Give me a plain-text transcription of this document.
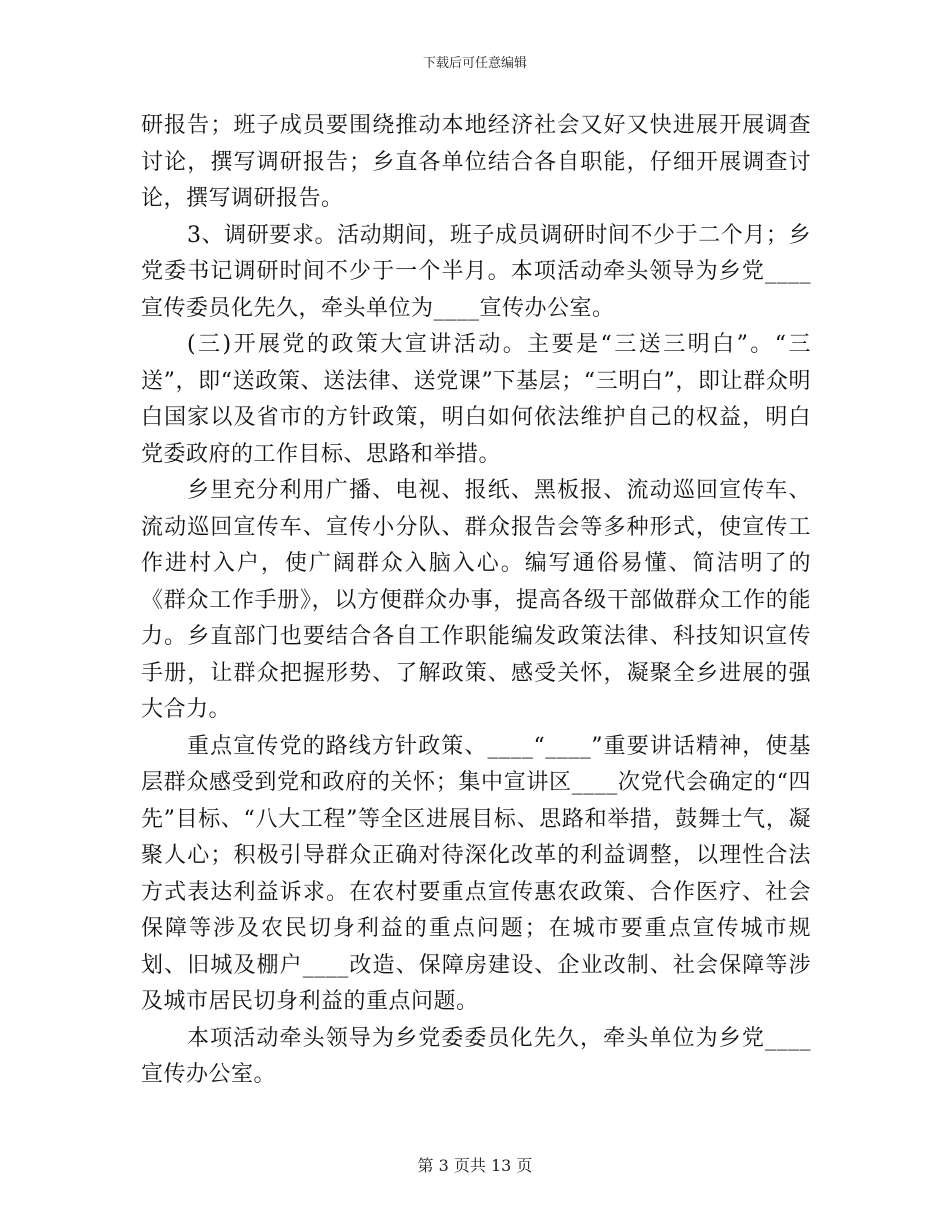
下载后可任意编辑

研报告；班子成员要围绕推动本地经济社会又好又快进展开展调查讨论，撰写调研报告；乡直各单位结合各自职能，仔细开展调查讨论，撰写调研报告。

3、调研要求。活动期间，班子成员调研时间不少于二个月；乡党委书记调研时间不少于一个半月。本项活动牵头领导为乡党____宣传委员化先久，牵头单位为____宣传办公室。

(三)开展党的政策大宣讲活动。主要是“三送三明白”。“三送”，即“送政策、送法律、送党课”下基层；“三明白”，即让群众明白国家以及省市的方针政策，明白如何依法维护自己的权益，明白党委政府的工作目标、思路和举措。

乡里充分利用广播、电视、报纸、黑板报、流动巡回宣传车、流动巡回宣传车、宣传小分队、群众报告会等多种形式，使宣传工作进村入户，使广阔群众入脑入心。编写通俗易懂、简洁明了的《群众工作手册》，以方便群众办事，提高各级干部做群众工作的能力。乡直部门也要结合各自工作职能编发政策法律、科技知识宣传手册，让群众把握形势、了解政策、感受关怀，凝聚全乡进展的强大合力。

重点宣传党的路线方针政策、____“____”重要讲话精神，使基层群众感受到党和政府的关怀；集中宣讲区____次党代会确定的“四先”目标、“八大工程”等全区进展目标、思路和举措，鼓舞士气，凝聚人心；积极引导群众正确对待深化改革的利益调整，以理性合法方式表达利益诉求。在农村要重点宣传惠农政策、合作医疗、社会保障等涉及农民切身利益的重点问题；在城市要重点宣传城市规划、旧城及棚户____改造、保障房建设、企业改制、社会保障等涉及城市居民切身利益的重点问题。

本项活动牵头领导为乡党委委员化先久，牵头单位为乡党____宣传办公室。

第 3 页共 13 页
